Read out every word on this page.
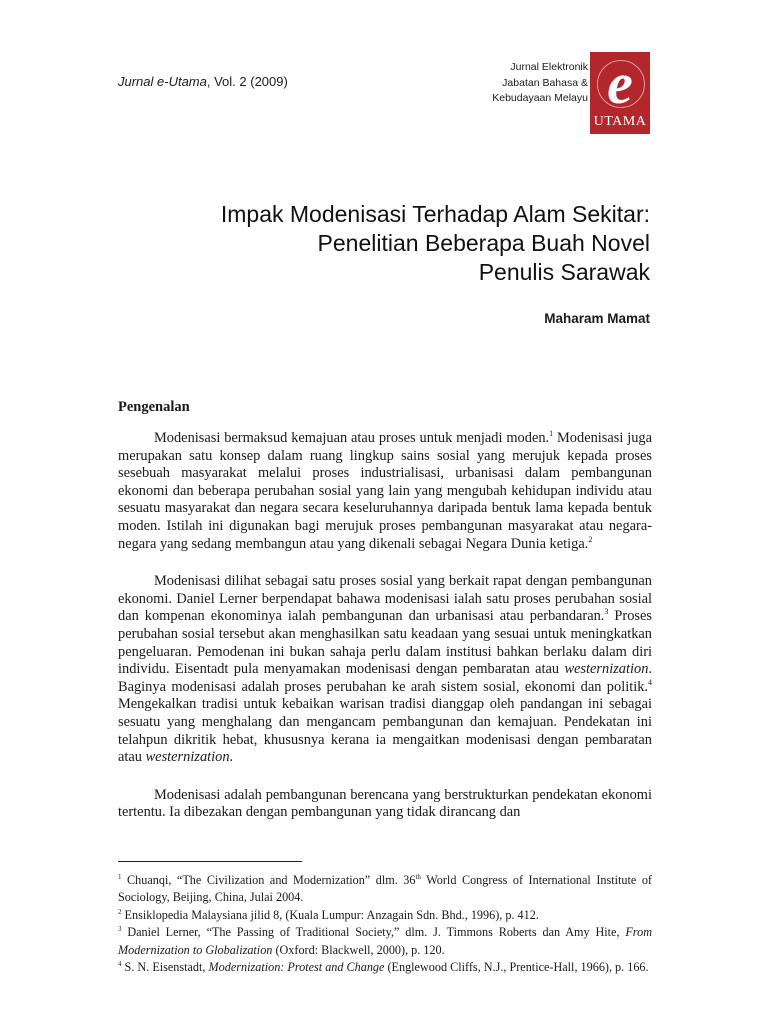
Jurnal e-Utama, Vol. 2 (2009)
Jurnal Elektronik
Jabatan Bahasa &
Kebudayaan Melayu e
UTAMA
Impak Modenisasi Terhadap Alam Sekitar:
Penelitian Beberapa Buah Novel
Penulis Sarawak
Maharam Mamat
Pengenalan

Modenisasi bermaksud kemajuan atau proses untuk menjadi moden.$^1$ Modenisasi juga merupakan satu konsep dalam ruang lingkup sains sosial yang merujuk kepada proses sesebuah masyarakat melalui proses industrialisasi, urbanisasi dalam pembangunan ekonomi dan beberapa perubahan sosial yang lain yang mengubah kehidupan individu atau sesuatu masyarakat dan negara secara keseluruhannya daripada bentuk lama kepada bentuk moden. Istilah ini digunakan bagi merujuk proses pembangunan masyarakat atau negara-negara yang sedang membangun atau yang dikenali sebagai Negara Dunia ketiga.$^2$

Modenisasi dilihat sebagai satu proses sosial yang berkait rapat dengan pembangunan ekonomi. Daniel Lerner berpendapat bahawa modenisasi ialah satu proses perubahan sosial dan kompenan ekonominya ialah pembangunan dan urbanisasi atau perbandaran.$^3$ Proses perubahan sosial tersebut akan menghasilkan satu keadaan yang sesuai untuk meningkatkan pengeluaran. Pemodenan ini bukan sahaja perlu dalam institusi bahkan berlaku dalam diri individu. Eisentadt pula menyamakan modenisasi dengan pembaratan atau westernization. Baginya modenisasi adalah proses perubahan ke arah sistem sosial, ekonomi dan politik.$^4$ Mengekalkan tradisi untuk kebaikan warisan tradisi dianggap oleh pandangan ini sebagai sesuatu yang menghalang dan mengancam pembangunan dan kemajuan. Pendekatan ini telahpun dikritik hebat, khususnya kerana ia mengaitkan modenisasi dengan pembaratan atau westernization.

Modenisasi adalah pembangunan berencana yang berstrukturkan pendekatan ekonomi tertentu. Ia dibezakan dengan pembangunan yang tidak dirancang dan

$^1$ Chuanqi, “The Civilization and Modernization” dlm. 36th World Congress of International Institute of Sociology, Beijing, China, Julai 2004.

$^2$ Ensiklopedia Malaysiana jilid 8, (Kuala Lumpur: Anzagain Sdn. Bhd., 1996), p. 412.

$^3$ Daniel Lerner, “The Passing of Traditional Society,” dlm. J. Timmons Roberts dan Amy Hite, From Modernization to Globalization (Oxford: Blackwell, 2000), p. 120.

$^4$ S. N. Eisenstadt, Modernization: Protest and Change (Englewood Cliffs, N.J., Prentice-Hall, 1966), p. 166.
